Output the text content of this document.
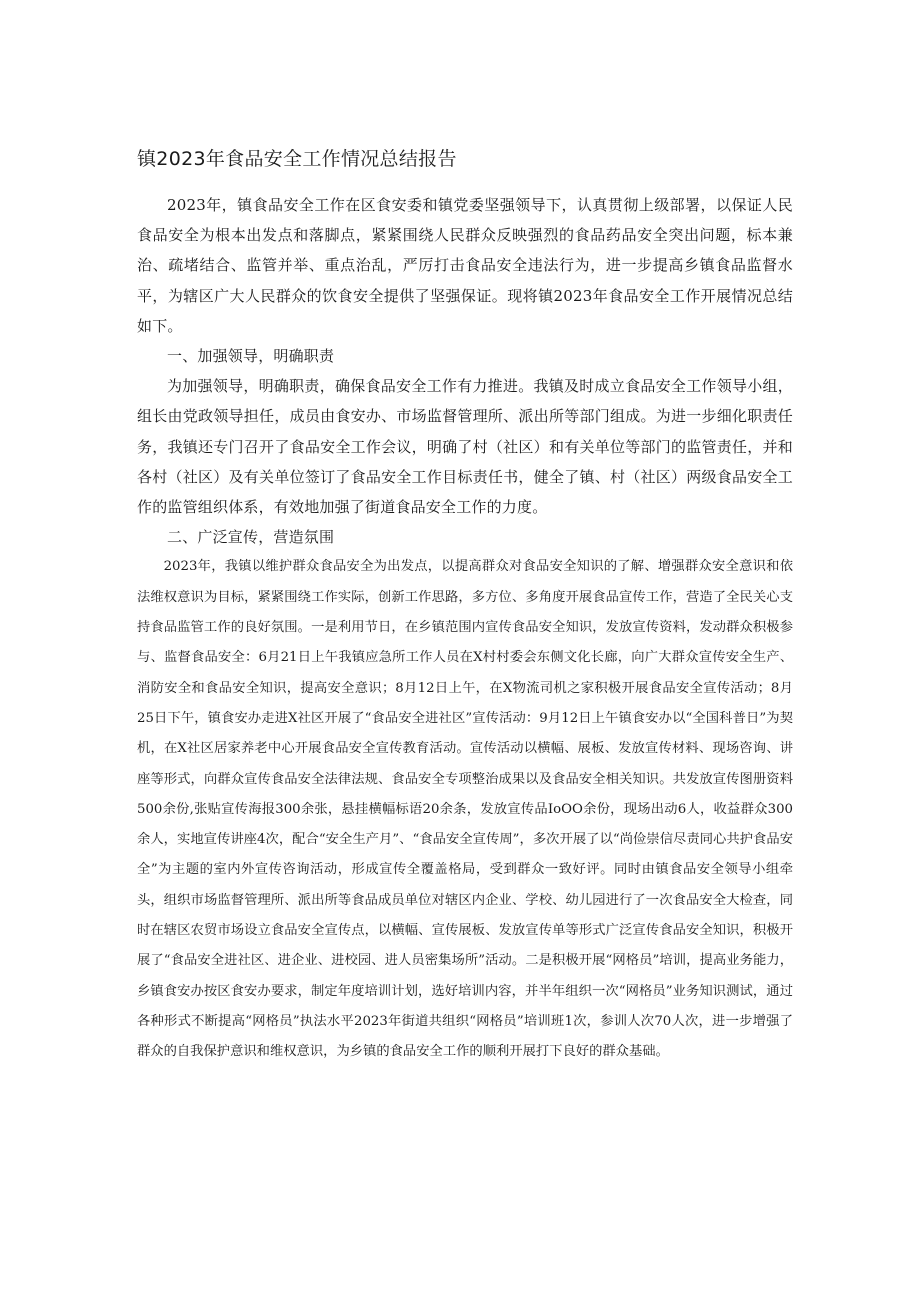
镇2023年食品安全工作情况总结报告

2023年，镇食品安全工作在区食安委和镇党委坚强领导下，认真贯彻上级部署，以保证人民食品安全为根本出发点和落脚点，紧紧围绕人民群众反映强烈的食品药品安全突出问题，标本兼治、疏堵结合、监管并举、重点治乱，严厉打击食品安全违法行为，进一步提高乡镇食品监督水平，为辖区广大人民群众的饮食安全提供了坚强保证。现将镇2023年食品安全工作开展情况总结如下。

一、加强领导，明确职责

为加强领导，明确职责，确保食品安全工作有力推进。我镇及时成立食品安全工作领导小组，组长由党政领导担任，成员由食安办、市场监督管理所、派出所等部门组成。为进一步细化职责任务，我镇还专门召开了食品安全工作会议，明确了村（社区）和有关单位等部门的监管责任，并和各村（社区）及有关单位签订了食品安全工作目标责任书，健全了镇、村（社区）两级食品安全工作的监管组织体系，有效地加强了街道食品安全工作的力度。

二、广泛宣传，营造氛围

2023年，我镇以维护群众食品安全为出发点，以提高群众对食品安全知识的了解、增强群众安全意识和依法维权意识为目标，紧紧围绕工作实际，创新工作思路，多方位、多角度开展食品宣传工作，营造了全民关心支持食品监管工作的良好氛围。一是利用节日，在乡镇范围内宣传食品安全知识，发放宣传资料，发动群众积极参与、监督食品安全：6月21日上午我镇应急所工作人员在X村村委会东侧文化长廊，向广大群众宣传安全生产、消防安全和食品安全知识，提高安全意识；8月12日上午，在X物流司机之家积极开展食品安全宣传活动；8月25日下午，镇食安办走进X社区开展了“食品安全进社区”宣传活动：9月12日上午镇食安办以“全国科普日”为契机，在X社区居家养老中心开展食品安全宣传教育活动。宣传活动以横幅、展板、发放宣传材料、现场咨询、讲座等形式，向群众宣传食品安全法律法规、食品安全专项整治成果以及食品安全相关知识。共发放宣传图册资料500余份,张贴宣传海报300余张，悬挂横幅标语20余条，发放宣传品IoOO余份，现场出动6人，收益群众300余人，实地宣传讲座4次，配合“安全生产月”、“食品安全宣传周”，多次开展了以“尚俭崇信尽责同心共护食品安全”为主题的室内外宣传咨询活动，形成宣传全覆盖格局，受到群众一致好评。同时由镇食品安全领导小组牵头，组织市场监督管理所、派出所等食品成员单位对辖区内企业、学校、幼儿园进行了一次食品安全大检查，同时在辖区农贸市场设立食品安全宣传点，以横幅、宣传展板、发放宣传单等形式广泛宣传食品安全知识，积极开展了“食品安全进社区、进企业、进校园、进人员密集场所”活动。二是积极开展“网格员”培训，提高业务能力，乡镇食安办按区食安办要求，制定年度培训计划，选好培训内容，并半年组织一次“网格员”业务知识测试，通过各种形式不断提高“网格员”执法水平2023年街道共组织“网格员”培训班1次，参训人次70人次，进一步增强了群众的自我保护意识和维权意识，为乡镇的食品安全工作的顺利开展打下良好的群众基础。
